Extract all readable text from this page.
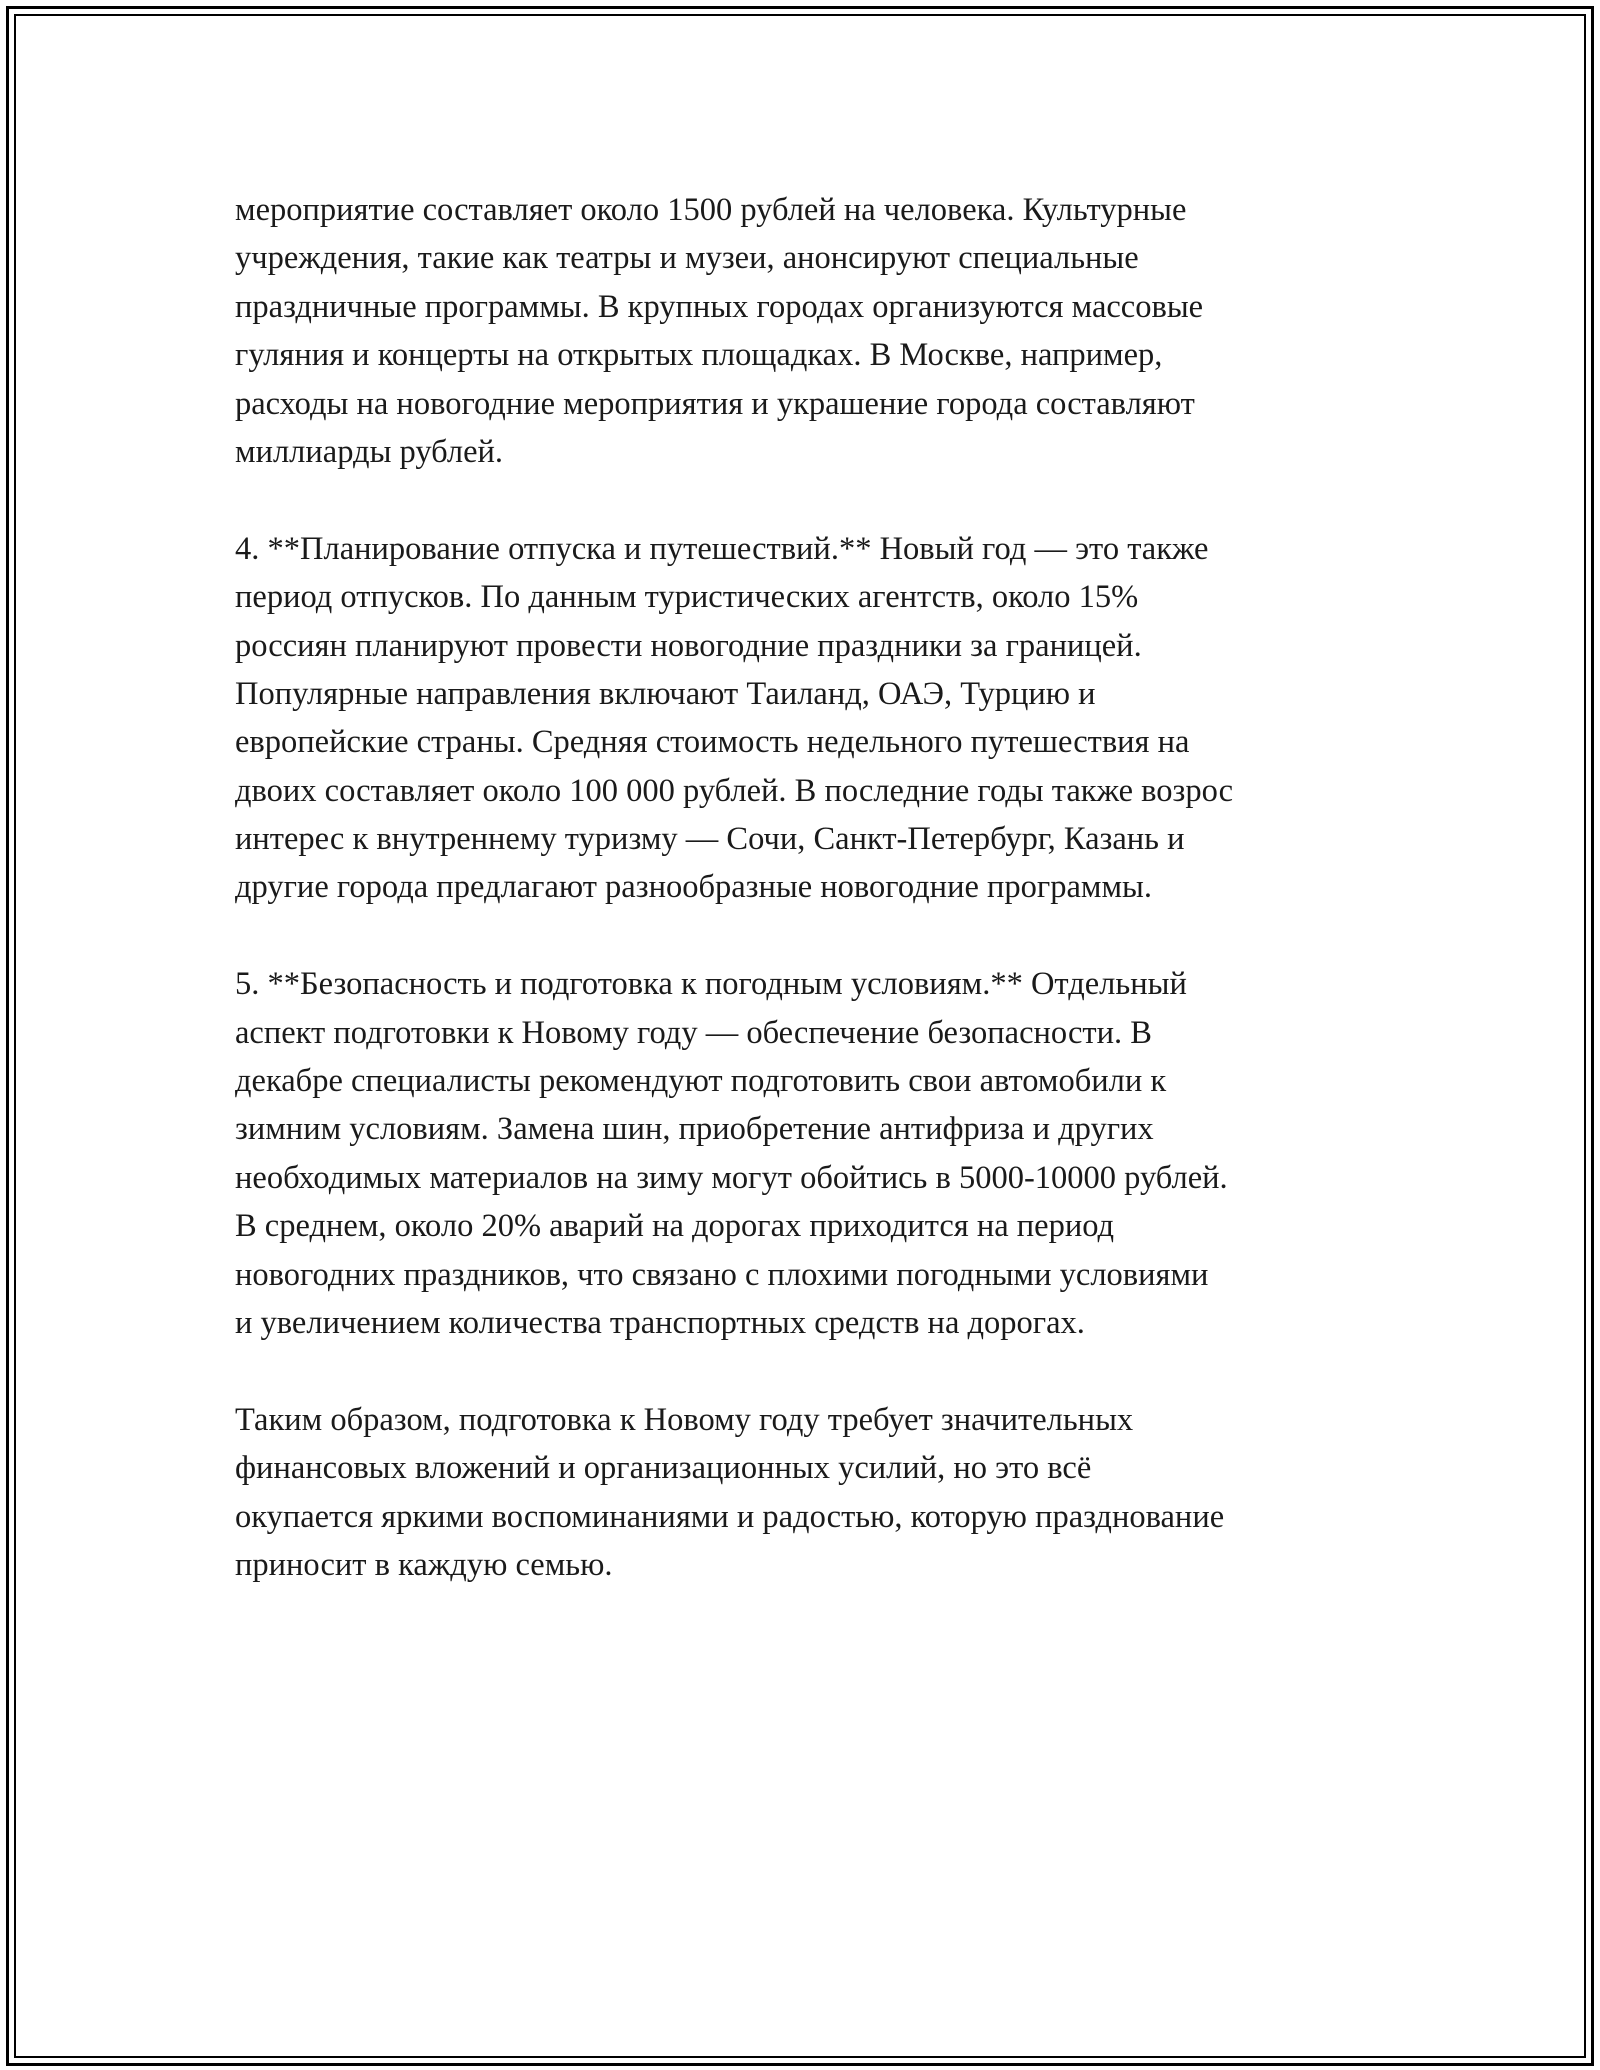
мероприятие составляет около 1500 рублей на человека. Культурные
учреждения, такие как театры и музеи, анонсируют специальные
праздничные программы. В крупных городах организуются массовые
гуляния и концерты на открытых площадках. В Москве, например,
расходы на новогодние мероприятия и украшение города составляют
миллиарды рублей.
4. **Планирование отпуска и путешествий.** Новый год — это также
период отпусков. По данным туристических агентств, около 15%
россиян планируют провести новогодние праздники за границей.
Популярные направления включают Таиланд, ОАЭ, Турцию и
европейские страны. Средняя стоимость недельного путешествия на
двоих составляет около 100 000 рублей. В последние годы также возрос
интерес к внутреннему туризму — Сочи, Санкт-Петербург, Казань и
другие города предлагают разнообразные новогодние программы.
5. **Безопасность и подготовка к погодным условиям.** Отдельный
аспект подготовки к Новому году — обеспечение безопасности. В
декабре специалисты рекомендуют подготовить свои автомобили к
зимним условиям. Замена шин, приобретение антифриза и других
необходимых материалов на зиму могут обойтись в 5000-10000 рублей.
В среднем, около 20% аварий на дорогах приходится на период
новогодних праздников, что связано с плохими погодными условиями
и увеличением количества транспортных средств на дорогах.
Таким образом, подготовка к Новому году требует значительных
финансовых вложений и организационных усилий, но это всё
окупается яркими воспоминаниями и радостью, которую празднование
приносит в каждую семью.
